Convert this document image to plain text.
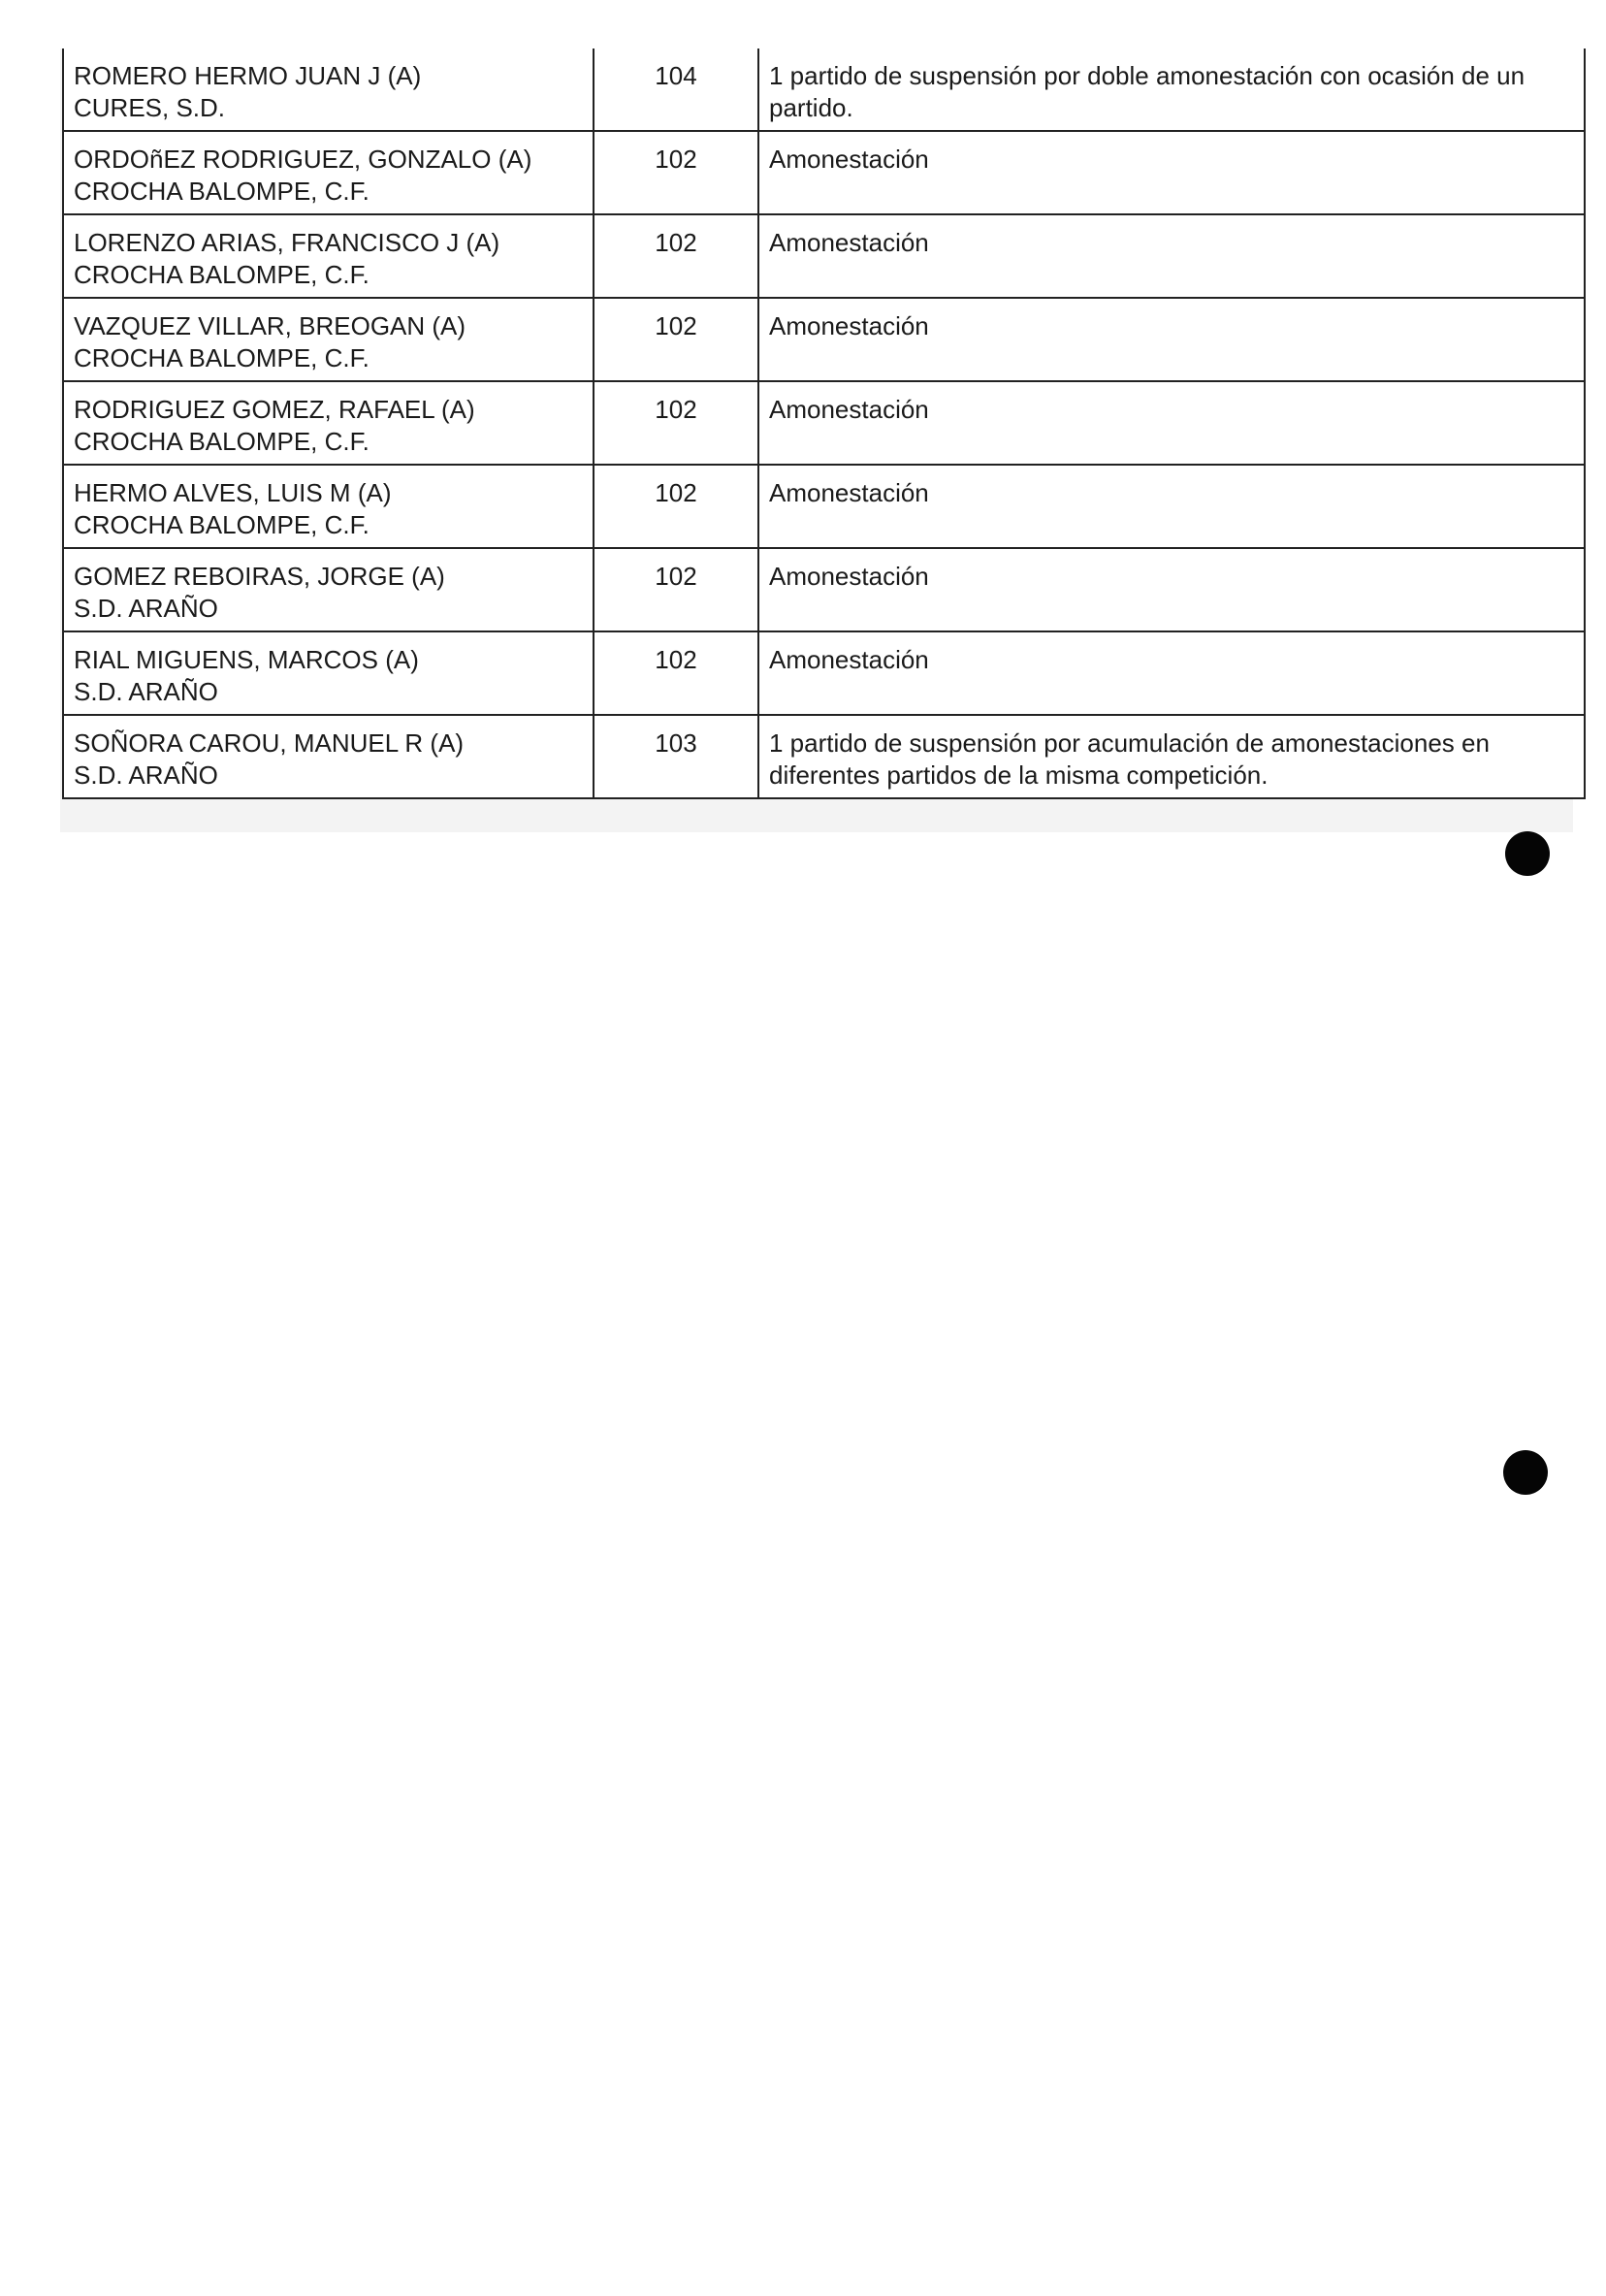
ROMERO HERMO JUAN J (A)
CURES, S.D.	104	1 partido de suspensión por doble amonestación con ocasión de un partido.

ORDOñEZ RODRIGUEZ, GONZALO (A)
CROCHA BALOMPE, C.F.	102	Amonestación

LORENZO ARIAS, FRANCISCO J (A)
CROCHA BALOMPE, C.F.	102	Amonestación

VAZQUEZ VILLAR, BREOGAN (A)
CROCHA BALOMPE, C.F.	102	Amonestación

RODRIGUEZ GOMEZ, RAFAEL (A)
CROCHA BALOMPE, C.F.	102	Amonestación

HERMO ALVES, LUIS M (A)
CROCHA BALOMPE, C.F.	102	Amonestación

GOMEZ REBOIRAS, JORGE (A)
S.D. ARAÑO	102	Amonestación

RIAL MIGUENS, MARCOS (A)
S.D. ARAÑO	102	Amonestación

SOÑORA CAROU, MANUEL R (A)
S.D. ARAÑO	103	1 partido de suspensión por acumulación de amonestaciones en diferentes partidos de la misma competición.
